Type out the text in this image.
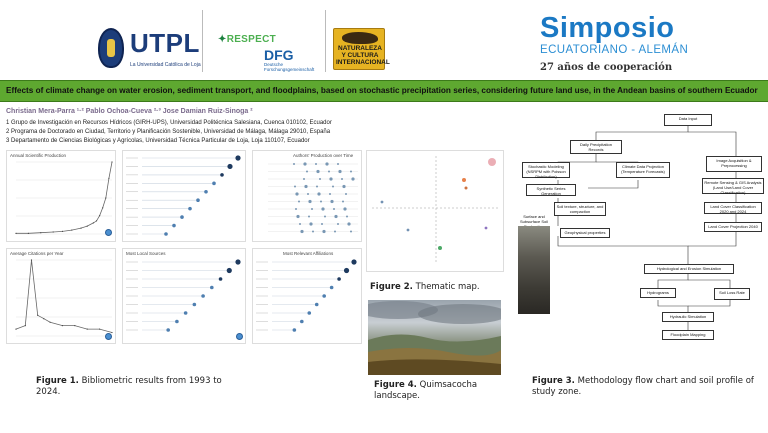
UTPL
La Universidad Católica de Loja
✦RESPECT
DFG
Deutsche Forschungsgemeinschaft
NATURALEZA Y CULTURA INTERNACIONAL
Simposio
ECUATORIANO - ALEMÁN
27 años de cooperación
Effects of climate change on water erosion, sediment transport, and floodplains, based on stochastic precipitation series, considering future land use, in the Andean basins of southern Ecuador
Christian Mera-Parra ¹·² Pablo Ochoa-Cueva ²·³ Jose Damian Ruiz-Sinoga ²
1 Grupo de Investigación en Recursos Hídricos (GIRH-UPS), Universidad Politécnica Salesiana, Cuenca 010102, Ecuador
2 Programa de Doctorado en Ciudad, Territorio y Planificación Sostenible, Universidad de Málaga, Málaga 29010, España
3 Departamento de Ciencias Biológicas y Agrícolas, Universidad Técnica Particular de Loja, Loja 110107, Ecuador
Annual Scientific Production
Average Citations per Year
Authors' Production over Time
Most Local Sources	Most Relevant Affiliations
Figure 1. Bibliometric results from 1993 to 2024.
Figure 2. Thematic map.
Figure 4. Quimsacocha landscape.
Data Input
Daily Precipitation Records
Stochastic Modeling (NSRPM with Poisson Distribution)
Climate Data Projection (Temperature Forecasts)
Synthetic Series Generation
Soil texture, structure, and compaction
Surface and Subsurface Soil
Geophysical properties
Image Acquisition & Preprocessing
Remote Sensing & GIS Analysis (Land Use/Land Cover Classification)
Land Cover Classification 2020 and 2024
Land Cover Projection 2040
Hydrological and Erosion Simulation
Hydrograms	Soil Loss Rate
Hydraulic Simulation
Floodplain Mapping
Figure 3. Methodology flow chart and soil profile of study zone.
